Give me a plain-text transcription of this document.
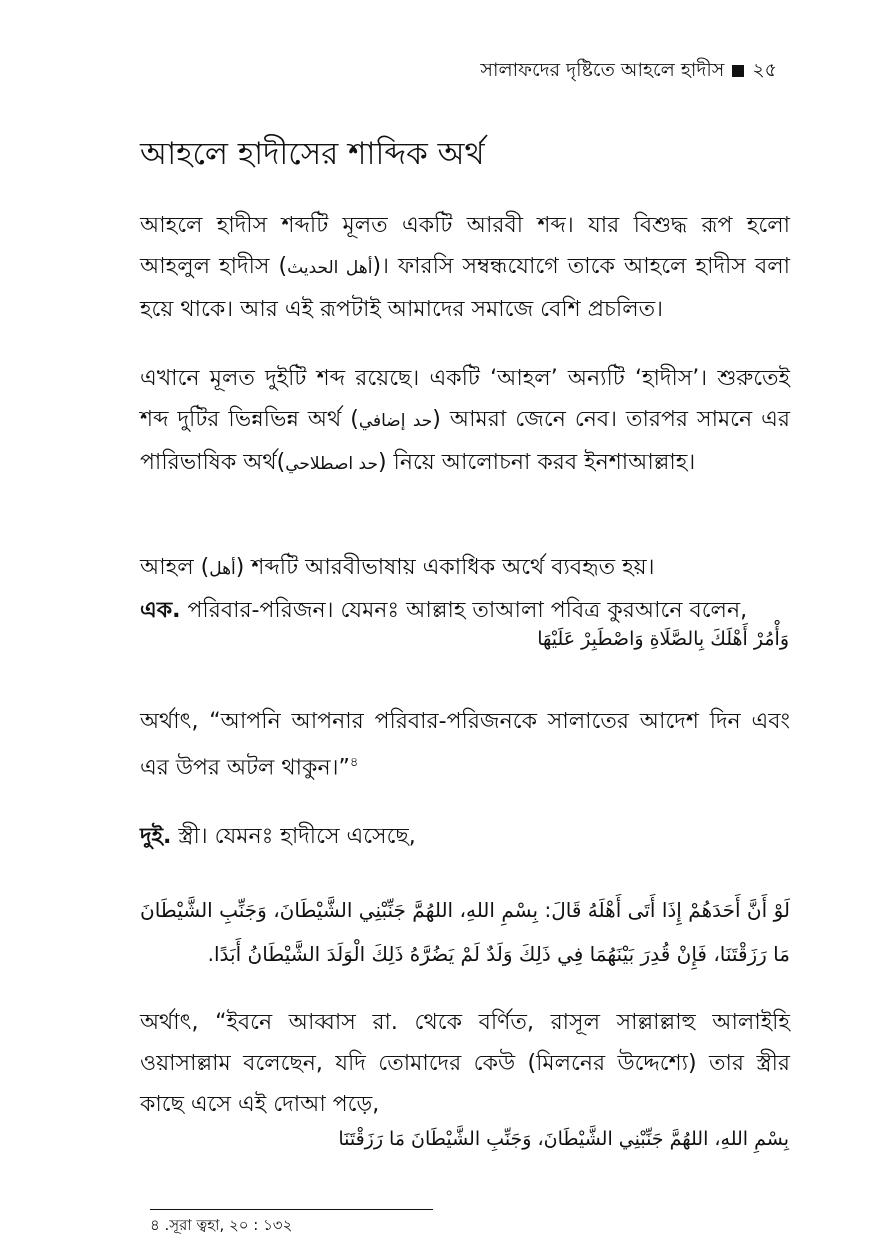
সালাফদের দৃষ্টিতে আহলে হাদীস ২৫
আহলে হাদীসের শাব্দিক অর্থ
আহলে হাদীস শব্দটি মূলত একটি আরবী শব্দ। যার বিশুদ্ধ রূপ হলো আহলুল হাদীস (أهل الحديث)। ফারসি সম্বন্ধযোগে তাকে আহলে হাদীস বলা হয়ে থাকে। আর এই রূপটাই আমাদের সমাজে বেশি প্রচলিত।
এখানে মূলত দুইটি শব্দ রয়েছে। একটি ‘আহল’ অন্যটি ‘হাদীস’। শুরুতেই শব্দ দুটির ভিন্নভিন্ন অর্থ (حد إضافي) আমরা জেনে নেব। তারপর সামনে এর পারিভাষিক অর্থ(حد اصطلاحي) নিয়ে আলোচনা করব ইনশাআল্লাহ।
আহল (أهل) শব্দটি আরবীভাষায় একাধিক অর্থে ব্যবহৃত হয়।
এক. পরিবার-পরিজন। যেমনঃ আল্লাহ তাআলা পবিত্র কুরআনে বলেন,
وَأْمُرْ أَهْلَكَ بِالصَّلَاةِ وَاصْطَبِرْ عَلَيْهَا
অর্থাৎ, “আপনি আপনার পরিবার-পরিজনকে সালাতের আদেশ দিন এবং এর উপর অটল থাকুন।”$^৪$
দুই. স্ত্রী। যেমনঃ হাদীসে এসেছে,
لَوْ أَنَّ أَحَدَهُمْ إِذَا أَتَى أَهْلَهُ قَالَ: بِسْمِ اللهِ، اللهُمَّ جَنِّبْنِي الشَّيْطَانَ، وَجَنِّبِ الشَّيْطَانَ مَا رَزَقْتَنَا، فَإِنْ قُدِرَ بَيْنَهُمَا فِي ذَلِكَ وَلَدٌ لَمْ يَضُرَّهُ ذَلِكَ الْوَلَدَ الشَّيْطَانُ أَبَدًا.
অর্থাৎ, “ইবনে আব্বাস রা. থেকে বর্ণিত, রাসূল সাল্লাল্লাহু আলাইহি ওয়াসাল্লাম বলেছেন, যদি তোমাদের কেউ (মিলনের উদ্দেশ্যে) তার স্ত্রীর কাছে এসে এই দোআ পড়ে,
بِسْمِ اللهِ، اللهُمَّ جَنِّبْنِي الشَّيْطَانَ، وَجَنِّبِ الشَّيْطَانَ مَا رَزَقْتَنَا
৪ .সূরা ত্বহা, ২০ : ১৩২
